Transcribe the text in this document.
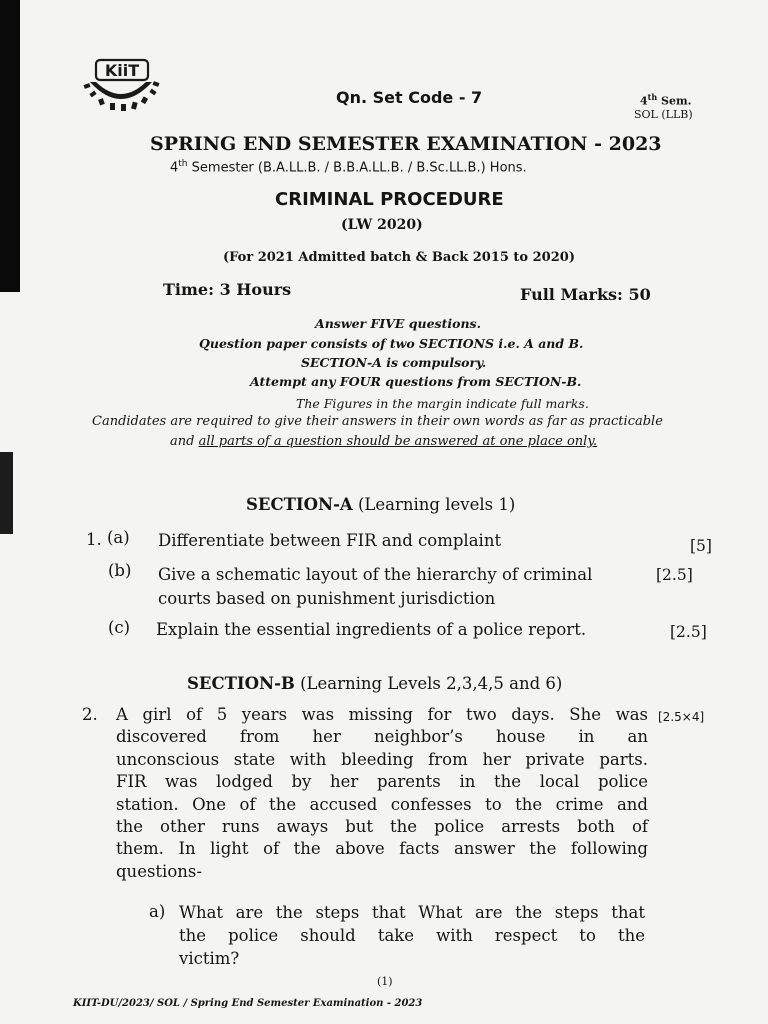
KiiT
Qn. Set Code - 7	4th Sem.
SOL (LLB)
SPRING END SEMESTER EXAMINATION - 2023
4th Semester (B.A.LL.B. / B.B.A.LL.B. / B.Sc.LL.B.) Hons.
CRIMINAL PROCEDURE
(LW 2020)
(For 2021 Admitted batch & Back 2015 to 2020)
Time: 3 Hours	Full Marks: 50
Answer FIVE questions.
Question paper consists of two SECTIONS i.e. A and B.
SECTION-A is compulsory.
Attempt any FOUR questions from SECTION-B.
The Figures in the margin indicate full marks.
Candidates are required to give their answers in their own words as far as practicable
and all parts of a question should be answered at one place only.
SECTION-A (Learning levels 1)
1. (a) Differentiate between FIR and complaint	[5]
(b) Give a schematic layout of the hierarchy of criminal
courts based on punishment jurisdiction
[2.5]
(c) Explain the essential ingredients of a police report.	[2.5]
SECTION-B (Learning Levels 2,3,4,5 and 6)
2. A girl of 5 years was missing for two days. She was
discovered from her neighbor’s house in an
unconscious state with bleeding from her private parts.
FIR was lodged by her parents in the local police
station. One of the accused confesses to the crime and
the other runs aways but the police arrests both of
them. In light of the above facts answer the following
questions-
[2.5×4]
a) What are the steps that What are the steps that
the police should take with respect to the
victim?
(1)
KIIT-DU/2023/ SOL / Spring End Semester Examination - 2023
